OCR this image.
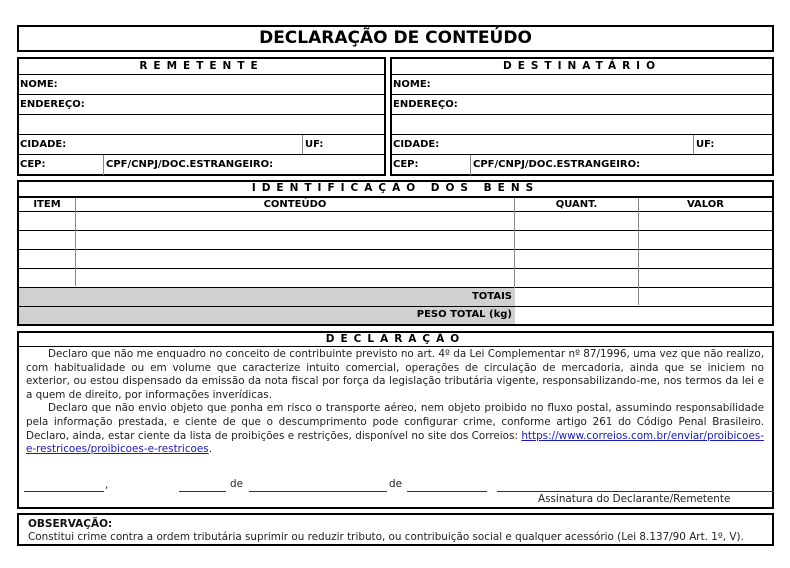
DECLARAÇÃO DE CONTEÚDO
REMETENTE
NOME:
ENDEREÇO:
CIDADE:	UF:
CEP:	CPF/CNPJ/DOC.ESTRANGEIRO:
DESTINATÁRIO
NOME:
ENDEREÇO:
CIDADE:	UF:
CEP:	CPF/CNPJ/DOC.ESTRANGEIRO:
IDENTIFICAÇÃO DOS BENS
ITEM	CONTEÚDO	QUANT.	VALOR
TOTAIS
PESO TOTAL (kg)
DECLARAÇÃO

Declaro que não me enquadro no conceito de contribuinte previsto no art. 4º da Lei Complementar nº 87/1996, uma vez que não realizo, com habitualidade ou em volume que caracterize intuito comercial, operações de circulação de mercadoria, ainda que se iniciem no exterior, ou estou dispensado da emissão da nota fiscal por força da legislação tributária vigente, responsabilizando-me, nos termos da lei e a quem de direito, por informações inverídicas.

Declaro que não envio objeto que ponha em risco o transporte aéreo, nem objeto proibido no fluxo postal, assumindo responsabilidade pela informação prestada, e ciente de que o descumprimento pode configurar crime, conforme artigo 261 do Código Penal Brasileiro. Declaro, ainda, estar ciente da lista de proibições e restrições, disponível no site dos Correios: https://www.correios.com.br/enviar/proibicoes-e-restricoes/proibicoes-e-restricoes.

,	de	de
Assinatura do Declarante/Remetente
OBSERVAÇÃO:
Constitui crime contra a ordem tributária suprimir ou reduzir tributo, ou contribuição social e qualquer acessório (Lei 8.137/90 Art. 1º, V).
